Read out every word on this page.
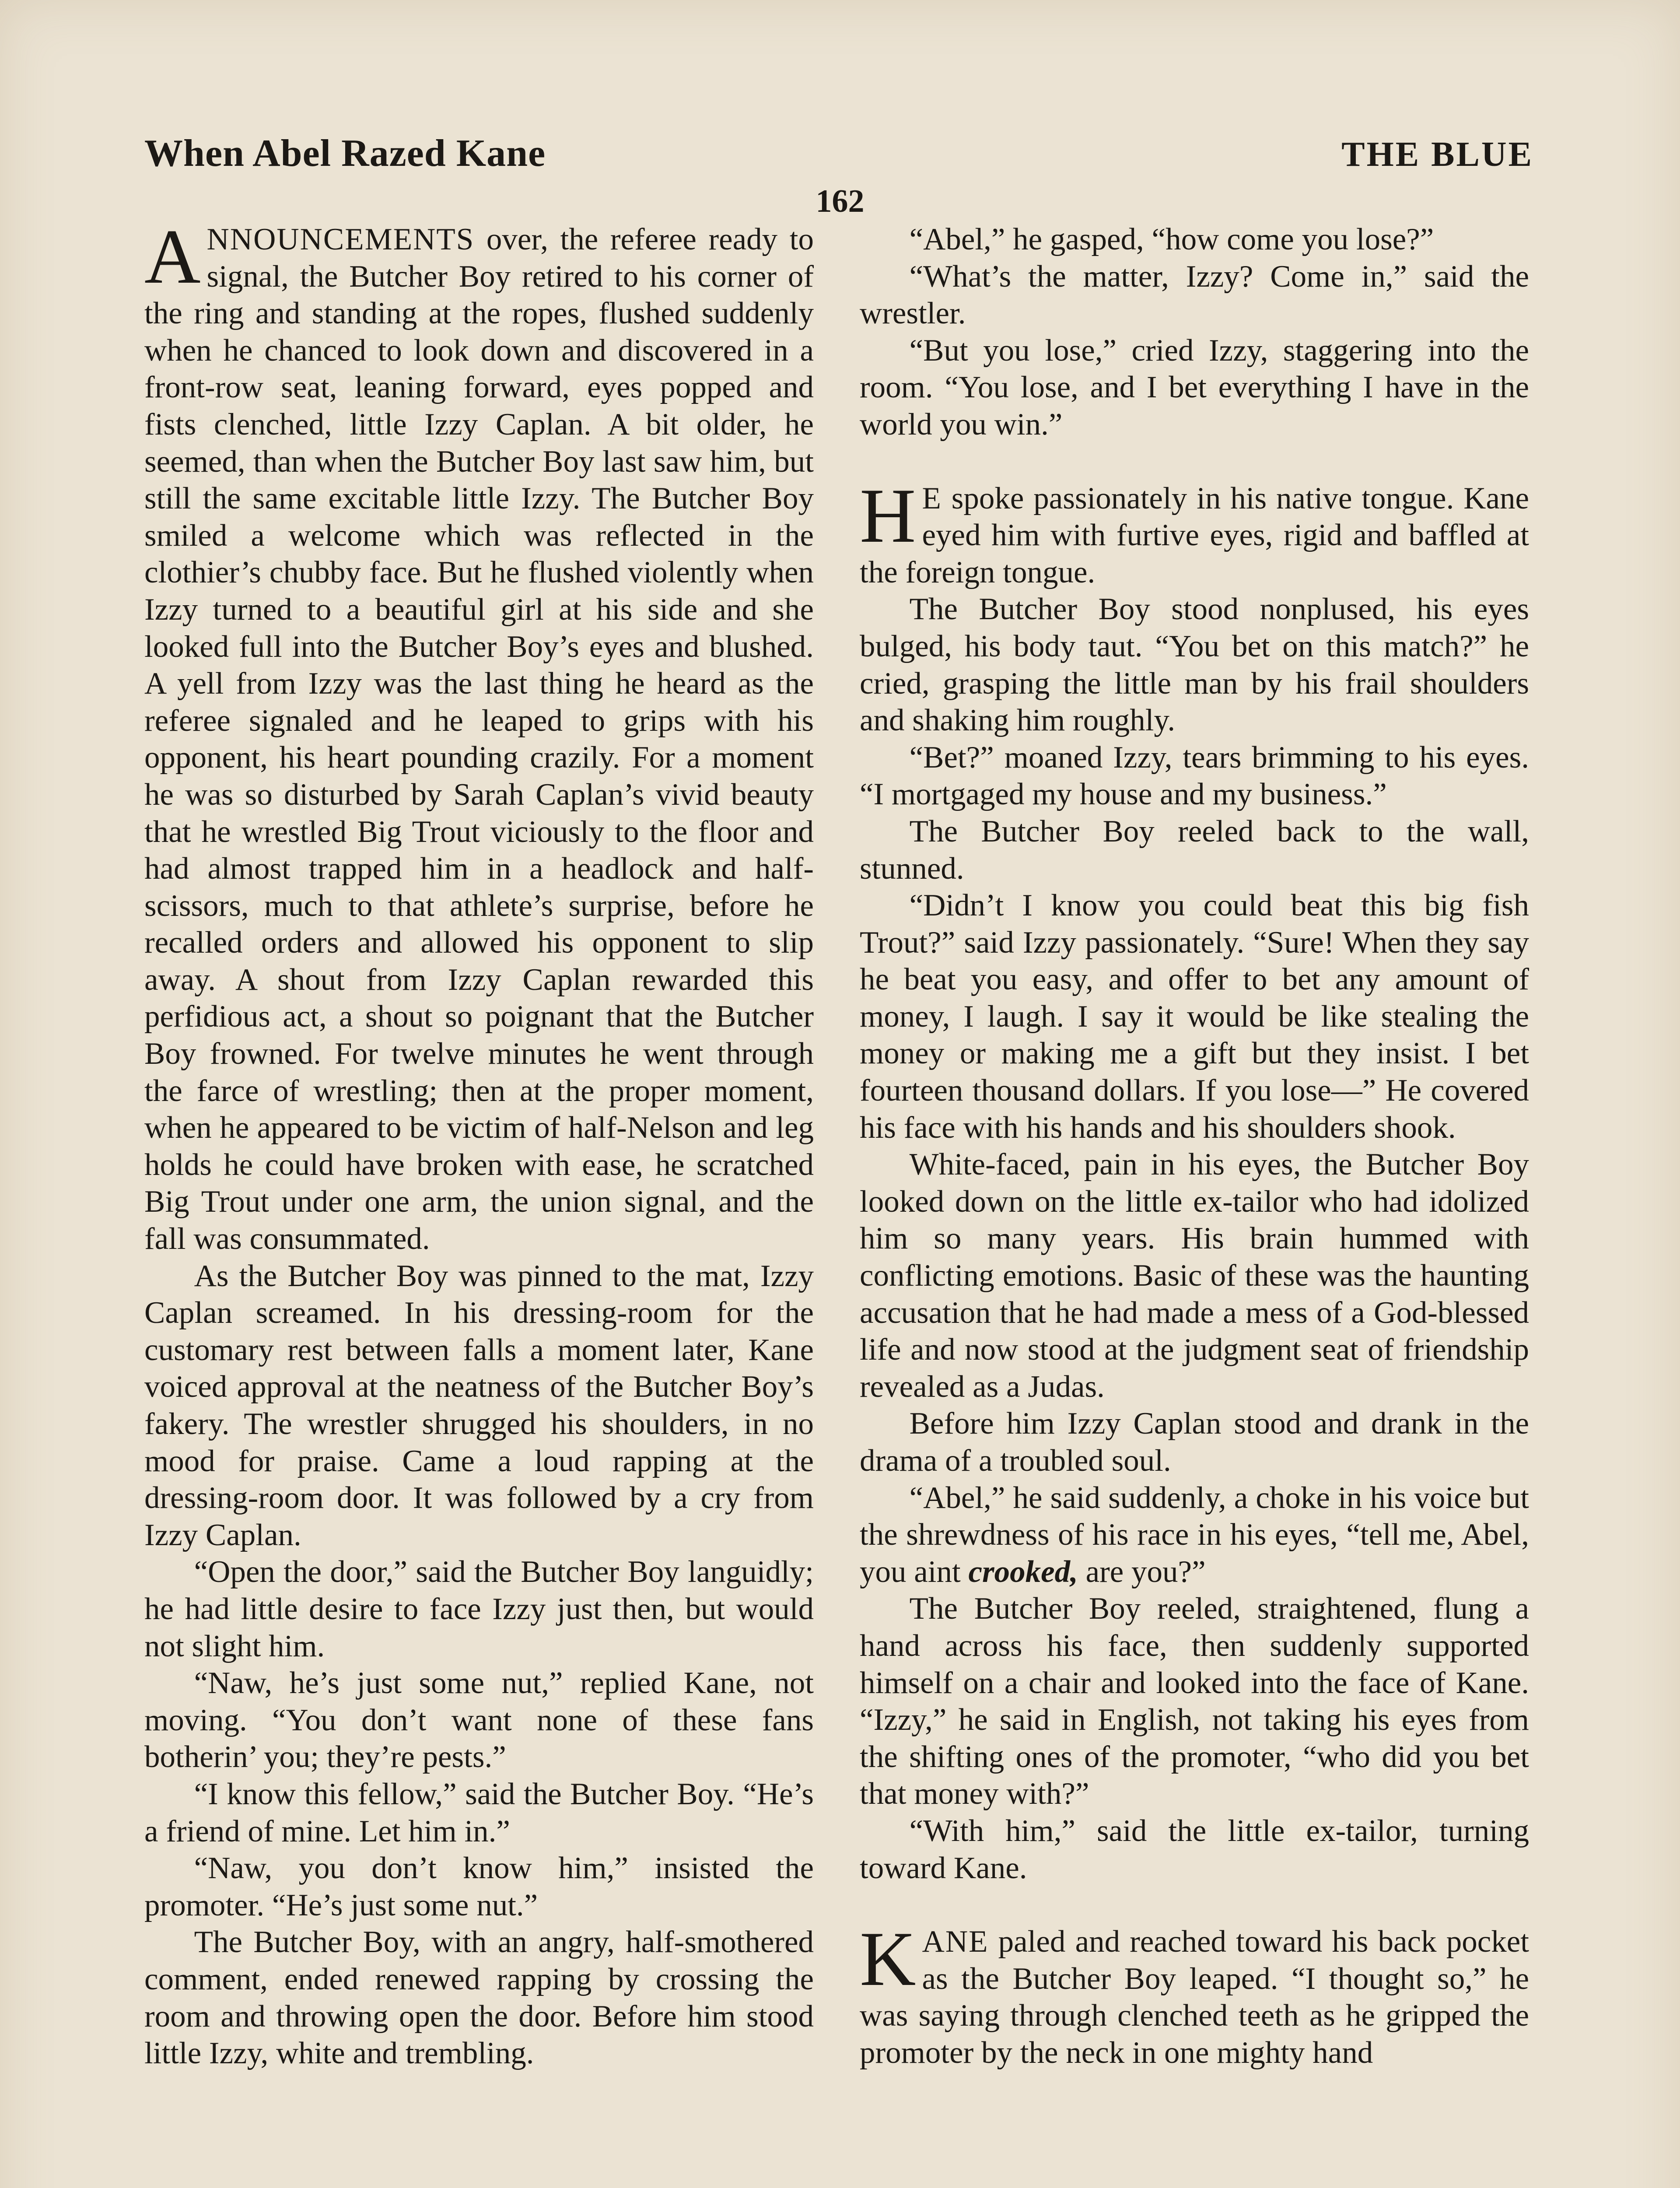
When Abel Razed Kane	THE BLUE
162

ANNOUNCEMENTS over, the referee ready to signal, the Butcher Boy retired to his corner of the ring and standing at the ropes, flushed suddenly when he chanced to look down and discovered in a front-row seat, leaning forward, eyes popped and fists clenched, little Izzy Caplan. A bit older, he seemed, than when the Butcher Boy last saw him, but still the same excitable little Izzy. The Butcher Boy smiled a welcome which was reflected in the clothier’s chubby face. But he flushed violently when Izzy turned to a beautiful girl at his side and she looked full into the Butcher Boy’s eyes and blushed. A yell from Izzy was the last thing he heard as the referee signaled and he leaped to grips with his opponent, his heart pounding crazily. For a moment he was so disturbed by Sarah Caplan’s vivid beauty that he wrestled Big Trout viciously to the floor and had almost trapped him in a headlock and half-scissors, much to that athlete’s surprise, before he recalled orders and allowed his opponent to slip away. A shout from Izzy Caplan rewarded this perfidious act, a shout so poignant that the Butcher Boy frowned. For twelve minutes he went through the farce of wrestling; then at the proper moment, when he appeared to be victim of half-Nelson and leg holds he could have broken with ease, he scratched Big Trout under one arm, the union signal, and the fall was consummated.

As the Butcher Boy was pinned to the mat, Izzy Caplan screamed. In his dressing-room for the customary rest between falls a moment later, Kane voiced approval at the neatness of the Butcher Boy’s fakery. The wrestler shrugged his shoulders, in no mood for praise. Came a loud rapping at the dressing-room door. It was followed by a cry from Izzy Caplan.

“Open the door,” said the Butcher Boy languidly; he had little desire to face Izzy just then, but would not slight him.

“Naw, he’s just some nut,” replied Kane, not moving. “You don’t want none of these fans botherin’ you; they’re pests.”

“I know this fellow,” said the Butcher Boy. “He’s a friend of mine. Let him in.”

“Naw, you don’t know him,” insisted the promoter. “He’s just some nut.”

The Butcher Boy, with an angry, half-smothered comment, ended renewed rapping by crossing the room and throwing open the door. Before him stood little Izzy, white and trembling.

“Abel,” he gasped, “how come you lose?”

“What’s the matter, Izzy? Come in,” said the wrestler.

“But you lose,” cried Izzy, staggering into the room. “You lose, and I bet everything I have in the world you win.”

H E spoke passionately in his native tongue. Kane eyed him with furtive eyes, rigid and baffled at the foreign tongue.

The Butcher Boy stood nonplused, his eyes bulged, his body taut. “You bet on this match?” he cried, grasping the little man by his frail shoulders and shaking him roughly.

“Bet?” moaned Izzy, tears brimming to his eyes. “I mortgaged my house and my business.”

The Butcher Boy reeled back to the wall, stunned.

“Didn’t I know you could beat this big fish Trout?” said Izzy passionately. “Sure! When they say he beat you easy, and offer to bet any amount of money, I laugh. I say it would be like stealing the money or making me a gift but they insist. I bet fourteen thousand dollars. If you lose—” He covered his face with his hands and his shoulders shook.

White-faced, pain in his eyes, the Butcher Boy looked down on the little ex-tailor who had idolized him so many years. His brain hummed with conflicting emotions. Basic of these was the haunting accusation that he had made a mess of a God-blessed life and now stood at the judgment seat of friendship revealed as a Judas.

Before him Izzy Caplan stood and drank in the drama of a troubled soul.

“Abel,” he said suddenly, a choke in his voice but the shrewdness of his race in his eyes, “tell me, Abel, you aint crooked, are you?”

The Butcher Boy reeled, straightened, flung a hand across his face, then suddenly supported himself on a chair and looked into the face of Kane. “Izzy,” he said in English, not taking his eyes from the shifting ones of the promoter, “who did you bet that money with?”

“With him,” said the little ex-tailor, turning toward Kane.

KANE paled and reached toward his back pocket as the Butcher Boy leaped. “I thought so,” he was saying through clenched teeth as he gripped the promoter by the neck in one mighty hand
